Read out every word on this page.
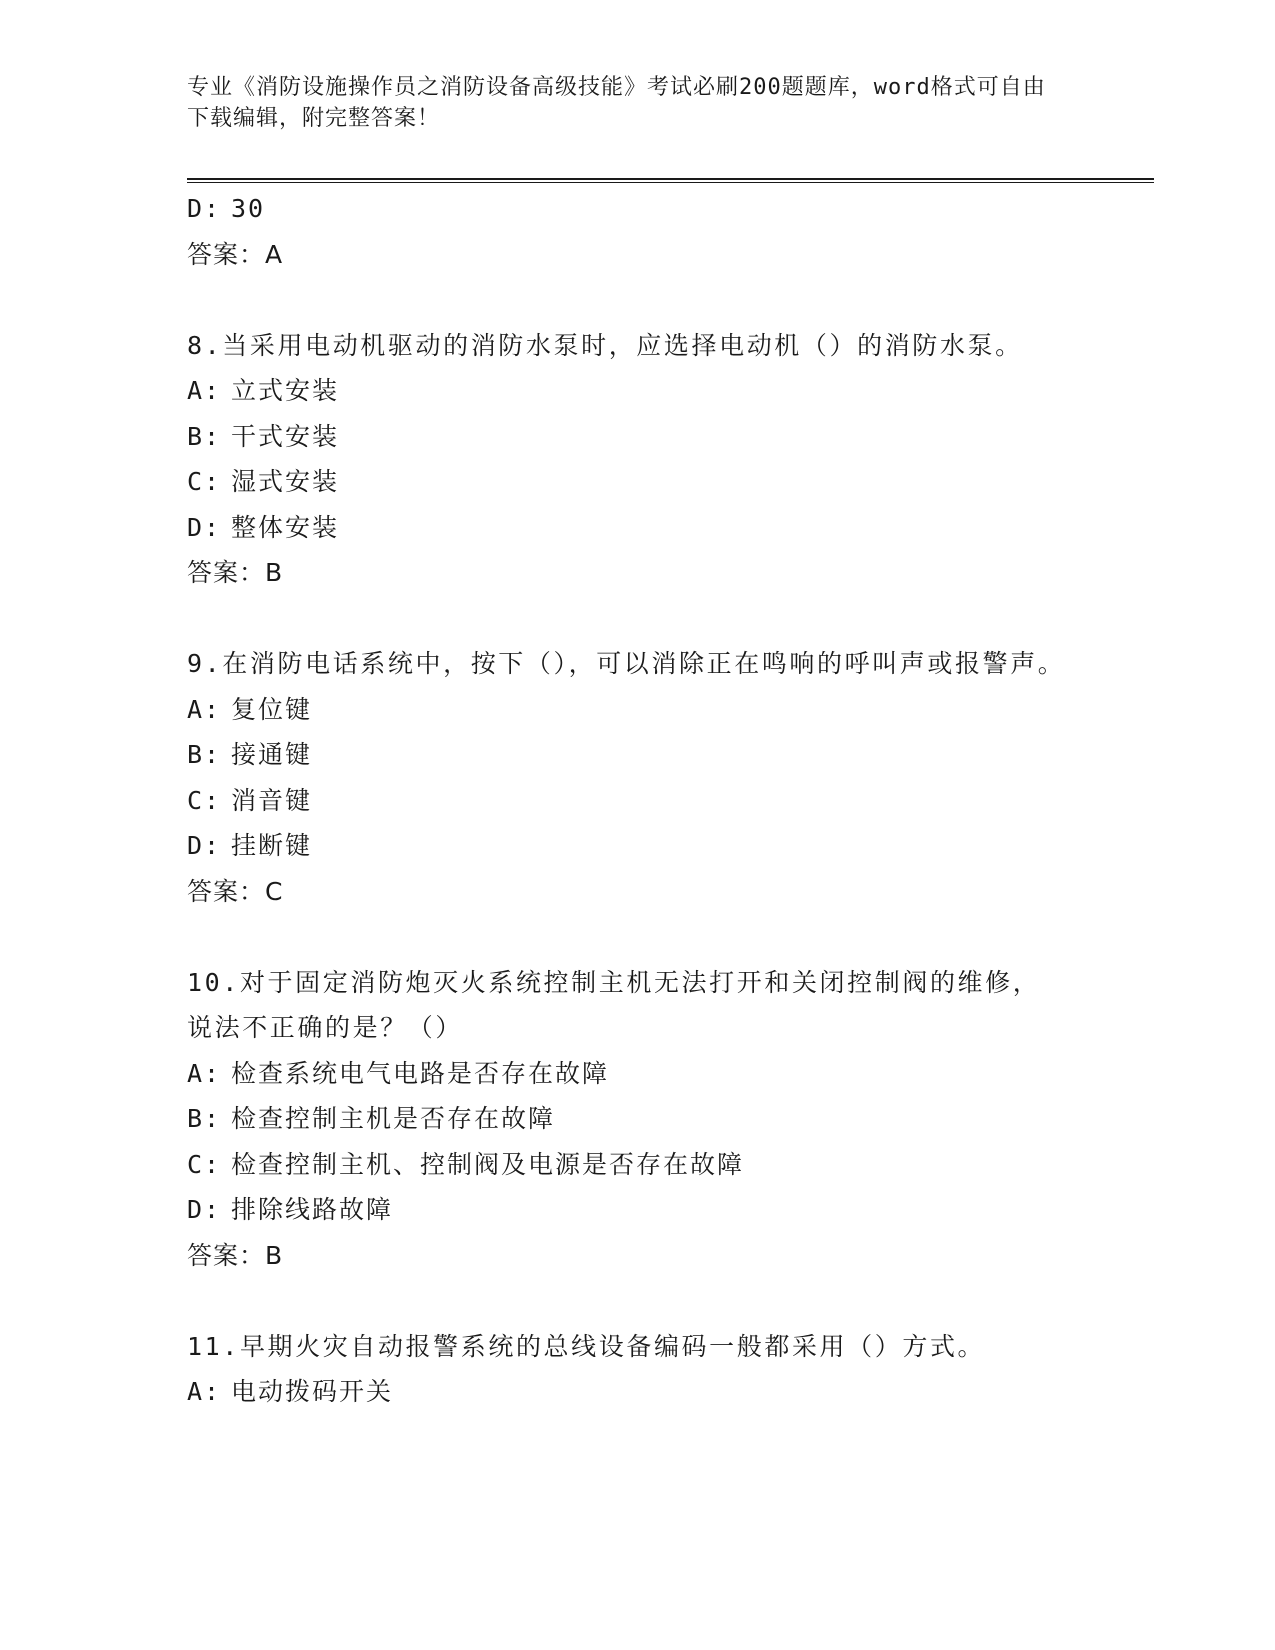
专业《消防设施操作员之消防设备高级技能》考试必刷200题题库，word格式可自由下载编辑，附完整答案！
D: 30
答案：A
8.当采用电动机驱动的消防水泵时，应选择电动机（）的消防水泵。
A: 立式安装
B: 干式安装
C: 湿式安装
D: 整体安装
答案：B
9.在消防电话系统中，按下（），可以消除正在鸣响的呼叫声或报警声。
A: 复位键
B: 接通键
C: 消音键
D: 挂断键
答案：C
10.对于固定消防炮灭火系统控制主机无法打开和关闭控制阀的维修，说法不正确的是？（）
A: 检查系统电气电路是否存在故障
B: 检查控制主机是否存在故障
C: 检查控制主机、控制阀及电源是否存在故障
D: 排除线路故障
答案：B
11.早期火灾自动报警系统的总线设备编码一般都采用（）方式。
A: 电动拨码开关
